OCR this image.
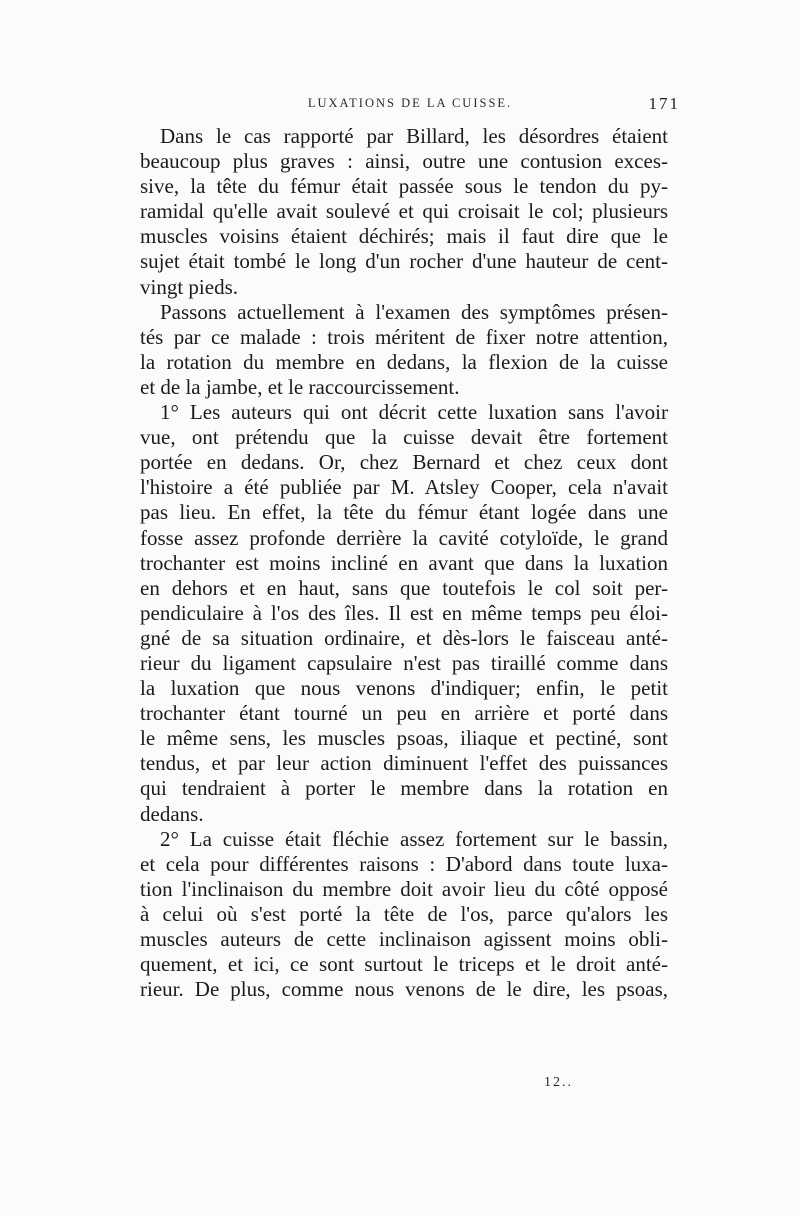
LUXATIONS DE LA CUISSE.	171
Dans le cas rapporté par Billard, les désordres étaient
beaucoup plus graves : ainsi, outre une contusion exces-
sive, la tête du fémur était passée sous le tendon du py-
ramidal qu'elle avait soulevé et qui croisait le col; plusieurs
muscles voisins étaient déchirés; mais il faut dire que le
sujet était tombé le long d'un rocher d'une hauteur de cent-
vingt pieds.
Passons actuellement à l'examen des symptômes présen-
tés par ce malade : trois méritent de fixer notre attention,
la rotation du membre en dedans, la flexion de la cuisse
et de la jambe, et le raccourcissement.
1° Les auteurs qui ont décrit cette luxation sans l'avoir
vue, ont prétendu que la cuisse devait être fortement
portée en dedans. Or, chez Bernard et chez ceux dont
l'histoire a été publiée par M. Atsley Cooper, cela n'avait
pas lieu. En effet, la tête du fémur étant logée dans une
fosse assez profonde derrière la cavité cotyloïde, le grand
trochanter est moins incliné en avant que dans la luxation
en dehors et en haut, sans que toutefois le col soit per-
pendiculaire à l'os des îles. Il est en même temps peu éloi-
gné de sa situation ordinaire, et dès-lors le faisceau anté-
rieur du ligament capsulaire n'est pas tiraillé comme dans
la luxation que nous venons d'indiquer; enfin, le petit
trochanter étant tourné un peu en arrière et porté dans
le même sens, les muscles psoas, iliaque et pectiné, sont
tendus, et par leur action diminuent l'effet des puissances
qui tendraient à porter le membre dans la rotation en
dedans.
2° La cuisse était fléchie assez fortement sur le bassin,
et cela pour différentes raisons : D'abord dans toute luxa-
tion l'inclinaison du membre doit avoir lieu du côté opposé
à celui où s'est porté la tête de l'os, parce qu'alors les
muscles auteurs de cette inclinaison agissent moins obli-
quement, et ici, ce sont surtout le triceps et le droit anté-
rieur. De plus, comme nous venons de le dire, les psoas,
12..
